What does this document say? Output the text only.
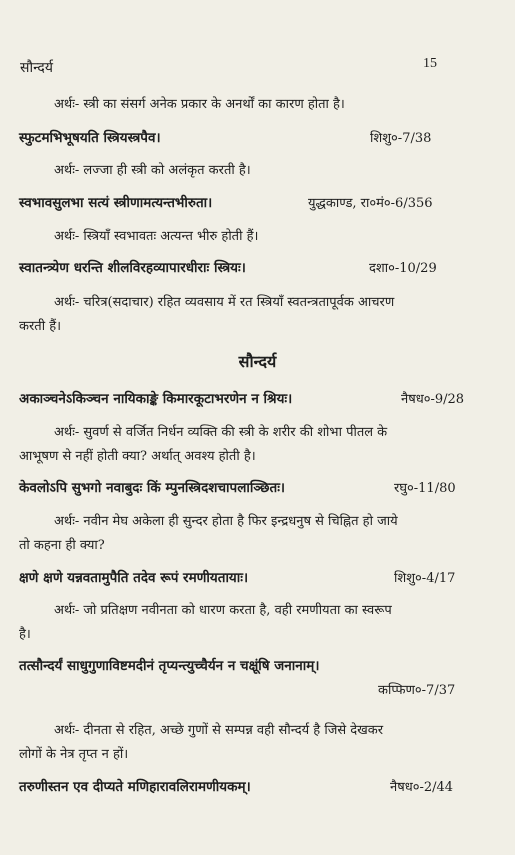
सौन्दर्य	15
अर्थः- स्त्री का संसर्ग अनेक प्रकार के अनर्थों का कारण होता है।
स्फुटमभिभूषयति स्त्रियस्त्रपैव।	शिशु०-7/38
अर्थः- लज्जा ही स्त्री को अलंकृत करती है।
स्वभावसुलभा सत्यं स्त्रीणामत्यन्तभीरुता।	युद्धकाण्ड, रा०मं०-6/356
अर्थः- स्त्रियाँ स्वभावतः अत्यन्त भीरु होती हैं।
स्वातन्त्र्येण धरन्ति शीलविरहव्यापारधीराः स्त्रियः।	दशा०-10/29
अर्थः- चरित्र(सदाचार) रहित व्यवसाय में रत स्त्रियाँ स्वतन्त्रतापूर्वक आचरण
करती हैं।
सौन्दर्य
अकाञ्चनेऽकिञ्चन नायिकाङ्के किमारकूटाभरणेन न श्रियः।	नैषध०-9/28
अर्थः- सुवर्ण से वर्जित निर्धन व्यक्ति की स्त्री के शरीर की शोभा पीतल के
आभूषण से नहीं होती क्या? अर्थात् अवश्य होती है।
केवलोऽपि सुभगो नवाबुदः किं म्पुनस्त्रिदशचापलाञ्छितः।	रघु०-11/80
अर्थः- नवीन मेघ अकेला ही सुन्दर होता है फिर इन्द्रधनुष से चिह्नित हो जाये
तो कहना ही क्या?
क्षणे क्षणे यन्नवतामुपैति तदेव रूपं रमणीयतायाः।	शिशु०-4/17
अर्थः- जो प्रतिक्षण नवीनता को धारण करता है, वही रमणीयता का स्वरूप
है।
तत्सौन्दर्यं साधुगुणाविष्टमदीनं तृप्यन्त्युच्चैर्यन न चक्षूंषि जनानाम्।
कप्फिण०-7/37
अर्थः- दीनता से रहित, अच्छे गुणों से सम्पन्न वही सौन्दर्य है जिसे देखकर
लोगों के नेत्र तृप्त न हों।
तरुणीस्तन एव दीप्यते मणिहारावलिरामणीयकम्।	नैषध०-2/44
